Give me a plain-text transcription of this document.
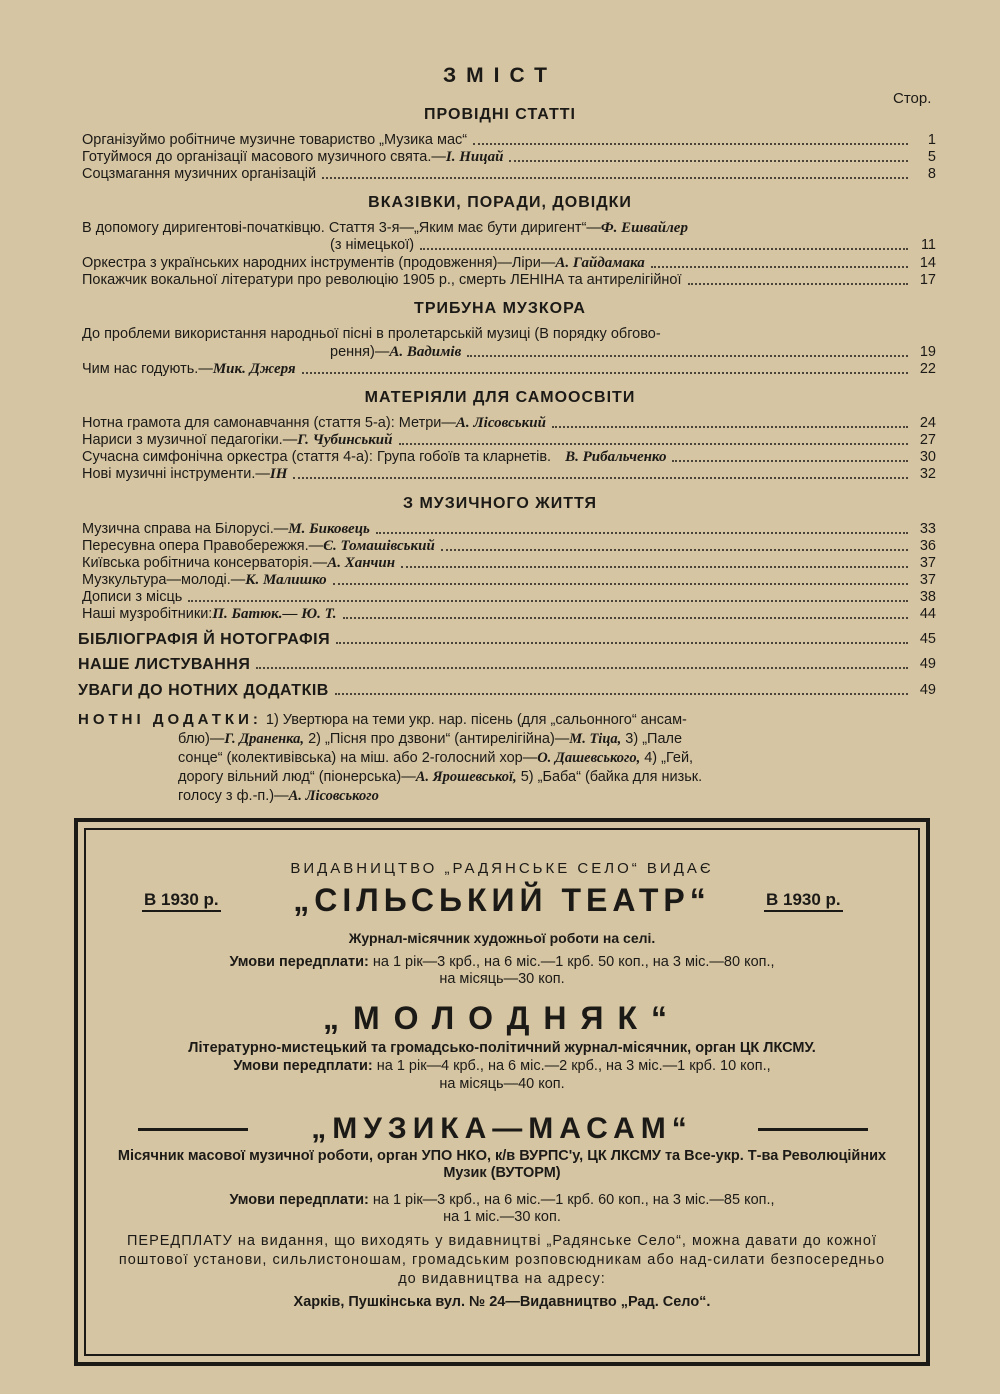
ЗМІСТ
Стор.
ПРОВІДНІ СТАТТІ
Організуймо робітниче музичне товариство „Музика мас“	1
Готуймося до організації масового музичного свята.— І. Ницай	5
Соцзмагання музичних організацій	8
ВКАЗІВКИ, ПОРАДИ, ДОВІДКИ
В допомогу диригентові-початківцю. Стаття 3-я—„Яким має бути диригент“— Ф. Ешвайлер
(з німецької)	11
Оркестра з українських народних інструментів (продовження)—Ліри— А. Гайдамака	14
Покажчик вокальної літератури про революцію 1905 р., смерть ЛЕНІНА та антирелігійної	17
ТРИБУНА МУЗКОРА
До проблеми використання народньої пісні в пролетарській музиці (В порядку обгово-
рення)— А. Вадимів	19
Чим нас годують.— Мик. Джеря	22
МАТЕРІЯЛИ ДЛЯ САМООСВІТИ
Нотна грамота для самонавчання (стаття 5-а): Метри— А. Лісовський	24
Нариси з музичної педагогіки.— Г. Чубинський	27
Сучасна симфонічна оркестра (стаття 4-а): Група гобоїв та кларнетів. В. Рибальченко	30
Нові музичні інструменти.— ІН	32
З МУЗИЧНОГО ЖИТТЯ
Музична справа на Білорусі.— М. Биковець	33
Пересувна опера Правобережжя.— Є. Томашівський	36
Київська робітнича консерваторія.— А. Ханчин	37
Музкультура—молоді.— К. Малишко	37
Дописи з місць	38
Наші музробітники: П. Батюк.— Ю. Т.	44
БІБЛІОГРАФІЯ Й НОТОГРАФІЯ	45
НАШЕ ЛИСТУВАННЯ	49
УВАГИ ДО НОТНИХ ДОДАТКІВ	49
НОТНІ ДОДАТКИ: 1) Увертюра на теми укр. нар. пісень (для „сальонного“ ансам-
блю)—Г. Драненка, 2) „Пісня про дзвони“ (антирелігійна)—М. Тіца, 3) „Пале
сонце“ (колективівська) на міш. або 2-голосний хор—О. Дашевського, 4) „Гей,
дорогу вільний люд“ (піонерська)—А. Ярошевської, 5) „Баба“ (байка для низьк.
голосу з ф.-п.)—А. Лісовського
ВИДАВНИЦТВО „РАДЯНСЬКЕ СЕЛО“ ВИДАЄ
В 1930 р.	„СІЛЬСЬКИЙ ТЕАТР“	В 1930 р.
Журнал-місячник художньої роботи на селі.
Умови передплати: на 1 рік—3 крб., на 6 міс.—1 крб. 50 коп., на 3 міс.—80 коп.,
на місяць—30 коп.
„МОЛОДНЯК“
Літературно-мистецький та громадсько-політичний журнал-місячник, орган ЦК ЛКСМУ.
Умови передплати: на 1 рік—4 крб., на 6 міс.—2 крб., на 3 міс.—1 крб. 10 коп.,
на місяць—40 коп.
„МУЗИКА—МАСАМ“
Місячник масової музичної роботи, орган УПО НКО, к/в ВУРПС'у, ЦК ЛКСМУ та Все-укр. Т-ва Революційних Музик (ВУТОРМ)
Умови передплати: на 1 рік—3 крб., на 6 міс.—1 крб. 60 коп., на 3 міс.—85 коп.,
на 1 міс.—30 коп.
ПЕРЕДПЛАТУ на видання, що виходять у видавництві „Радянське Село“, можна давати до кожної поштової установи, сильлистоношам, громадським розповсюдникам або над-силати безпосередньо до видавництва на адресу:
Харків, Пушкінська вул. № 24—Видавництво „Рад. Село“.
